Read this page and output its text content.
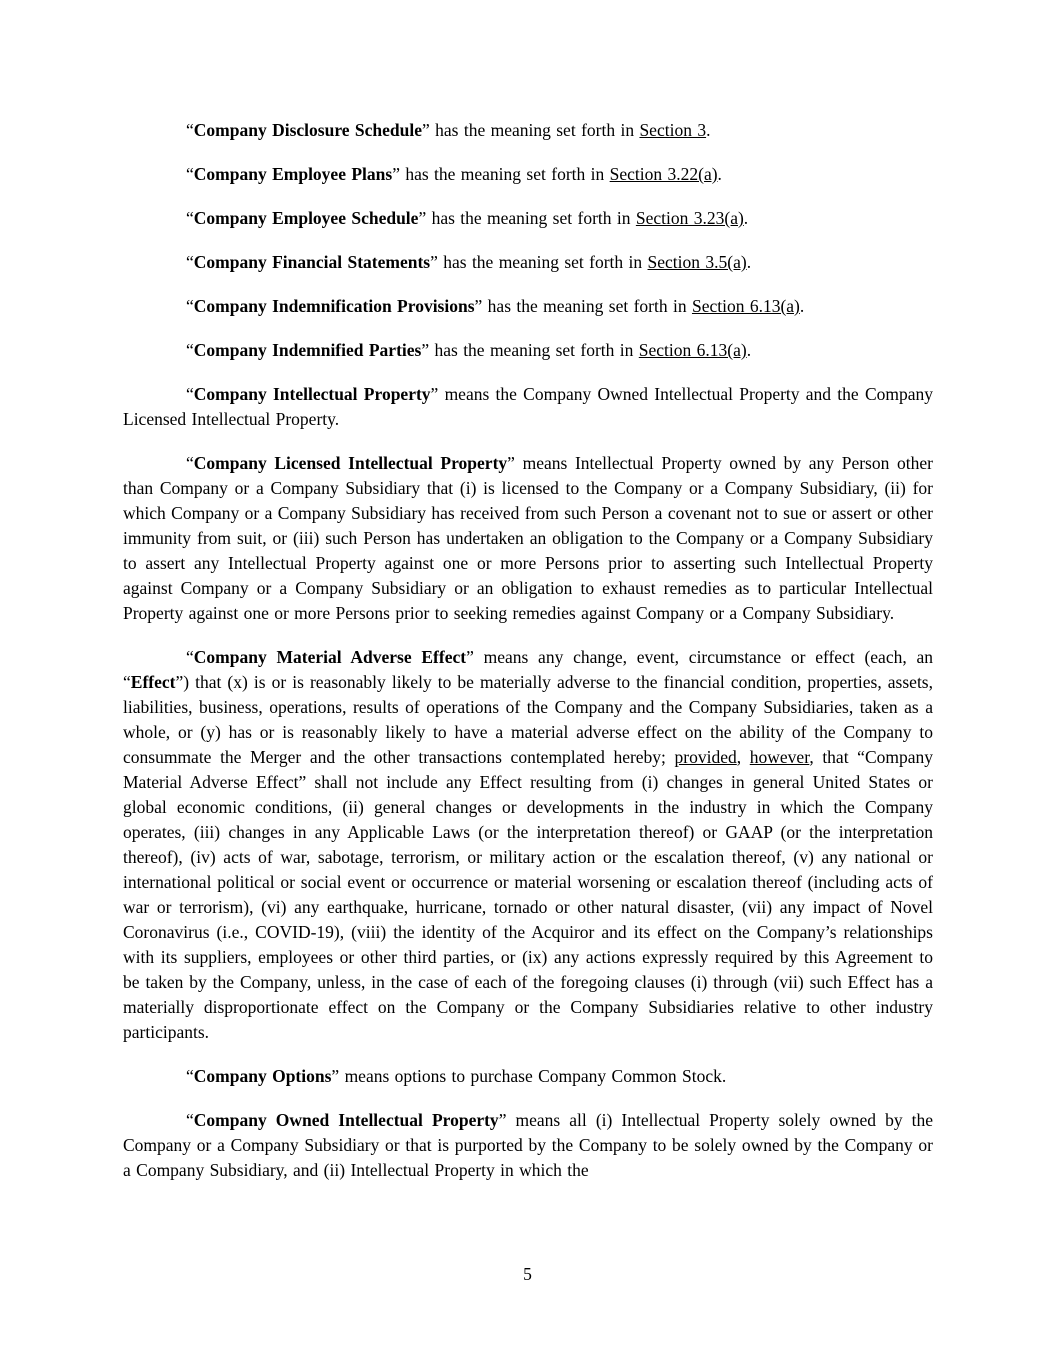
“Company Disclosure Schedule” has the meaning set forth in Section 3.

“Company Employee Plans” has the meaning set forth in Section 3.22(a).

“Company Employee Schedule” has the meaning set forth in Section 3.23(a).

“Company Financial Statements” has the meaning set forth in Section 3.5(a).

“Company Indemnification Provisions” has the meaning set forth in Section 6.13(a).

“Company Indemnified Parties” has the meaning set forth in Section 6.13(a).

“Company Intellectual Property” means the Company Owned Intellectual Property and the Company Licensed Intellectual Property.

“Company Licensed Intellectual Property” means Intellectual Property owned by any Person other than Company or a Company Subsidiary that (i) is licensed to the Company or a Company Subsidiary, (ii) for which Company or a Company Subsidiary has received from such Person a covenant not to sue or assert or other immunity from suit, or (iii) such Person has undertaken an obligation to the Company or a Company Subsidiary to assert any Intellectual Property against one or more Persons prior to asserting such Intellectual Property against Company or a Company Subsidiary or an obligation to exhaust remedies as to particular Intellectual Property against one or more Persons prior to seeking remedies against Company or a Company Subsidiary.

“Company Material Adverse Effect” means any change, event, circumstance or effect (each, an “Effect”) that (x) is or is reasonably likely to be materially adverse to the financial condition, properties, assets, liabilities, business, operations, results of operations of the Company and the Company Subsidiaries, taken as a whole, or (y) has or is reasonably likely to have a material adverse effect on the ability of the Company to consummate the Merger and the other transactions contemplated hereby; provided, however, that “Company Material Adverse Effect” shall not include any Effect resulting from (i) changes in general United States or global economic conditions, (ii) general changes or developments in the industry in which the Company operates, (iii) changes in any Applicable Laws (or the interpretation thereof) or GAAP (or the interpretation thereof), (iv) acts of war, sabotage, terrorism, or military action or the escalation thereof, (v) any national or international political or social event or occurrence or material worsening or escalation thereof (including acts of war or terrorism), (vi) any earthquake, hurricane, tornado or other natural disaster, (vii) any impact of Novel Coronavirus (i.e., COVID-19), (viii) the identity of the Acquiror and its effect on the Company’s relationships with its suppliers, employees or other third parties, or (ix) any actions expressly required by this Agreement to be taken by the Company, unless, in the case of each of the foregoing clauses (i) through (vii) such Effect has a materially disproportionate effect on the Company or the Company Subsidiaries relative to other industry participants.

“Company Options” means options to purchase Company Common Stock.

“Company Owned Intellectual Property” means all (i) Intellectual Property solely owned by the Company or a Company Subsidiary or that is purported by the Company to be solely owned by the Company or a Company Subsidiary, and (ii) Intellectual Property in which the

5
